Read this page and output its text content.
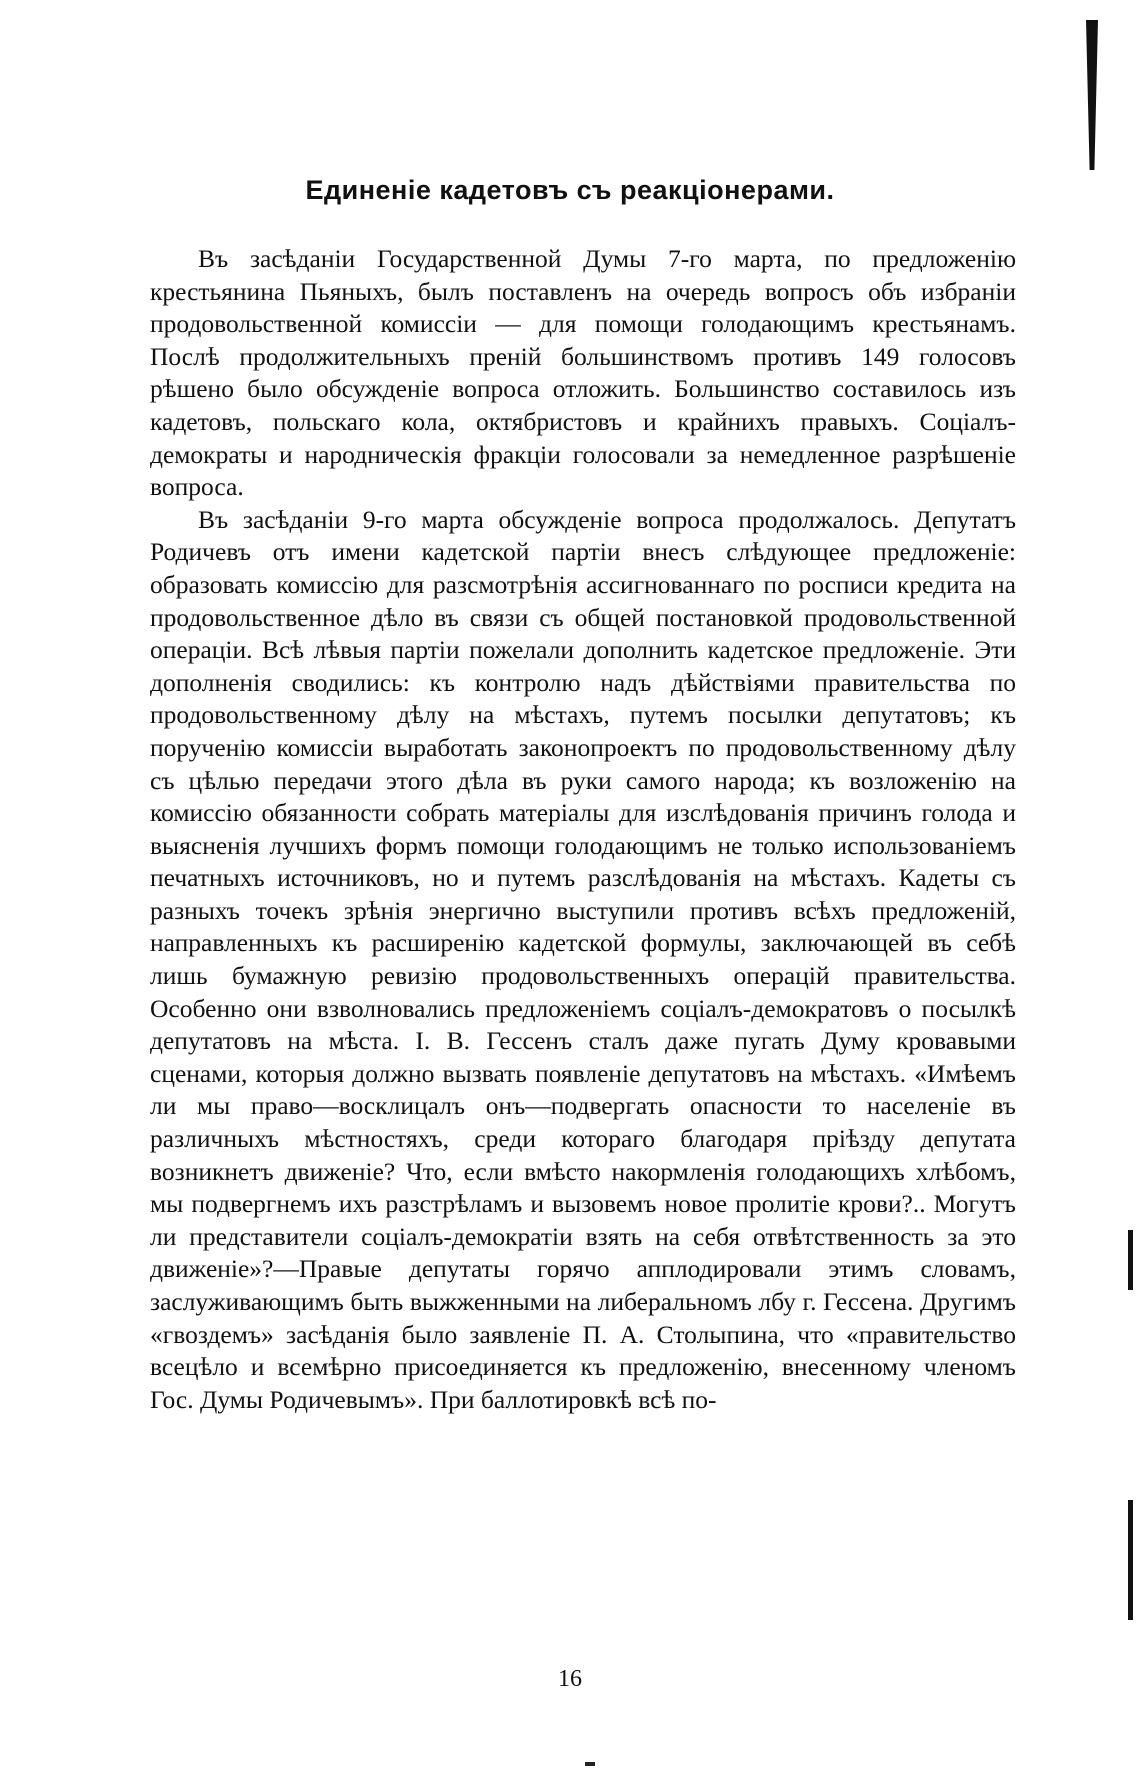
Единенiе кадетовъ съ реакцiонерами.

Въ засѣданiи Государственной Думы 7-го марта, по предложенiю крестьянина Пьяныхъ, былъ поставленъ на очередь вопросъ объ избранiи продовольственной комиссiи — для помощи голодающимъ крестьянамъ. Послѣ продолжительныхъ пренiй большинствомъ противъ 149 голосовъ рѣшено было обсужденiе вопроса отложить. Большинство составилось изъ кадетовъ, польскаго кола, октябристовъ и крайнихъ правыхъ. Соцiалъ-демократы и народническiя фракцiи голосовали за немедленное разрѣшенiе вопроса.

Въ засѣданiи 9-го марта обсужденiе вопроса продолжалось. Депутатъ Родичевъ отъ имени кадетской партiи внесъ слѣдующее предложенiе: образовать комиссiю для разсмотрѣнiя ассигнованнаго по росписи кредита на продовольственное дѣло въ связи съ общей постановкой продовольственной операцiи. Всѣ лѣвыя партiи пожелали дополнить кадетское предложенiе. Эти дополненiя сводились: къ контролю надъ дѣйствiями правительства по продовольственному дѣлу на мѣстахъ, путемъ посылки депутатовъ; къ порученiю комиссiи выработать законопроектъ по продовольственному дѣлу съ цѣлью передачи этого дѣла въ руки самого народа; къ возложенiю на комиссiю обязанности собрать матерiалы для изслѣдованiя причинъ голода и выясненiя лучшихъ формъ помощи голодающимъ не только использованiемъ печатныхъ источниковъ, но и путемъ разслѣдованiя на мѣстахъ. Кадеты съ разныхъ точекъ зрѣнiя энергично выступили противъ всѣхъ предложенiй, направленныхъ къ расширенiю кадетской формулы, заключающей въ себѣ лишь бумажную ревизiю продовольственныхъ операцiй правительства. Особенно они взволновались предложенiемъ соцiалъ-демократовъ о посылкѣ депутатовъ на мѣста. I. В. Гессенъ сталъ даже пугать Думу кровавыми сценами, которыя должно вызвать появленiе депутатовъ на мѣстахъ. «Имѣемъ ли мы право—восклицалъ онъ—подвергать опасности то населенiе въ различныхъ мѣстностяхъ, среди котораго благодаря прiѣзду депутата возникнетъ движенiе? Что, если вмѣсто накормленiя голодающихъ хлѣбомъ, мы подвергнемъ ихъ разстрѣламъ и вызовемъ новое пролитiе крови?.. Могутъ ли представители соцiалъ-демократiи взять на себя отвѣтственность за это движенiе»?—Правые депутаты горячо апплодировали этимъ словамъ, заслуживающимъ быть выжженными на либеральномъ лбу г. Гессена. Другимъ «гвоздемъ» засѣданiя было заявленiе П. А. Столыпина, что «правительство всецѣло и всемѣрно присоединяется къ предложенiю, внесенному членомъ Гос. Думы Родичевымъ». При баллотировкѣ всѣ по-

16
